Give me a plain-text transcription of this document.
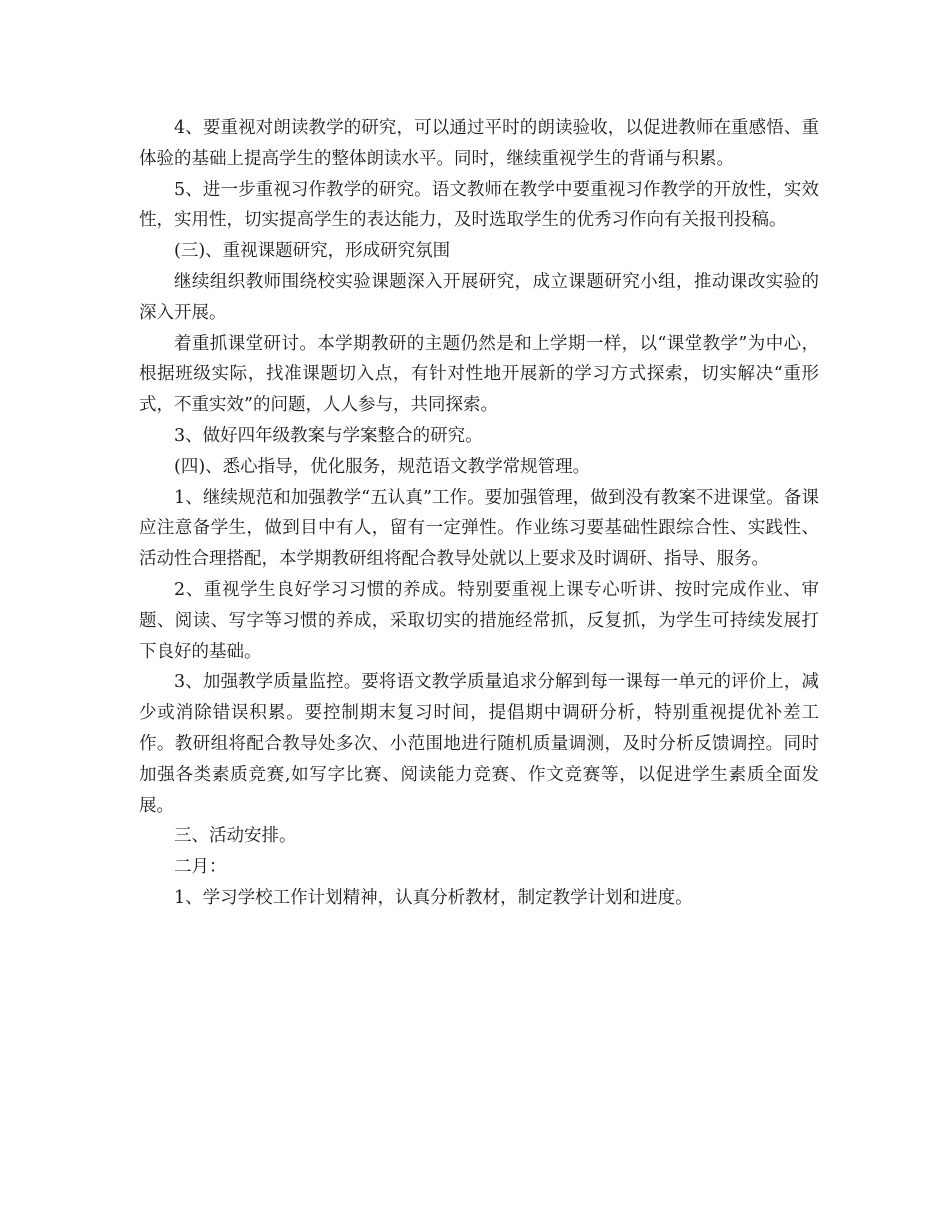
4、要重视对朗读教学的研究，可以通过平时的朗读验收，以促进教师在重感悟、重体验的基础上提高学生的整体朗读水平。同时，继续重视学生的背诵与积累。

5、进一步重视习作教学的研究。语文教师在教学中要重视习作教学的开放性，实效性，实用性，切实提高学生的表达能力，及时选取学生的优秀习作向有关报刊投稿。

(三)、重视课题研究，形成研究氛围

继续组织教师围绕校实验课题深入开展研究，成立课题研究小组，推动课改实验的深入开展。

着重抓课堂研讨。本学期教研的主题仍然是和上学期一样，以“课堂教学”为中心，根据班级实际，找准课题切入点，有针对性地开展新的学习方式探索，切实解决“重形式，不重实效”的问题，人人参与，共同探索。

3、做好四年级教案与学案整合的研究。

(四)、悉心指导，优化服务，规范语文教学常规管理。

1、继续规范和加强教学“五认真”工作。要加强管理，做到没有教案不进课堂。备课应注意备学生，做到目中有人，留有一定弹性。作业练习要基础性跟综合性、实践性、活动性合理搭配，本学期教研组将配合教导处就以上要求及时调研、指导、服务。

2、重视学生良好学习习惯的养成。特别要重视上课专心听讲、按时完成作业、审题、阅读、写字等习惯的养成，采取切实的措施经常抓，反复抓，为学生可持续发展打下良好的基础。

3、加强教学质量监控。要将语文教学质量追求分解到每一课每一单元的评价上，减少或消除错误积累。要控制期末复习时间，提倡期中调研分析，特别重视提优补差工作。教研组将配合教导处多次、小范围地进行随机质量调测，及时分析反馈调控。同时加强各类素质竞赛,如写字比赛、阅读能力竞赛、作文竞赛等，以促进学生素质全面发展。

三、活动安排。

二月：

1、学习学校工作计划精神，认真分析教材，制定教学计划和进度。
